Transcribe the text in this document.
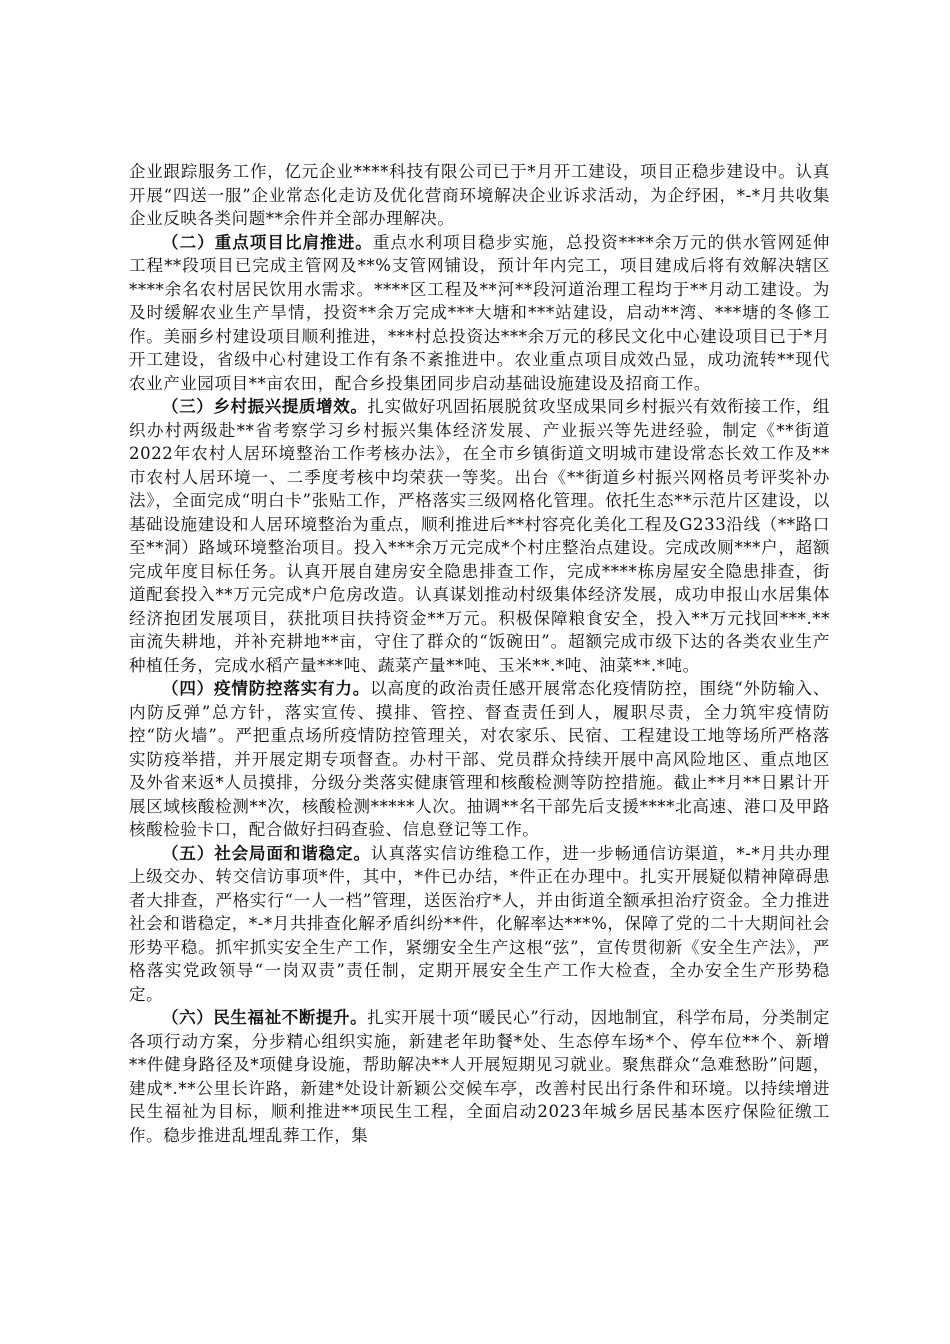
企业跟踪服务工作，亿元企业****科技有限公司已于*月开工建设，项目正稳步建设中。认真开展“四送一服”企业常态化走访及优化营商环境解决企业诉求活动，为企纾困，*-*月共收集企业反映各类问题**余件并全部办理解决。

（二）重点项目比肩推进。重点水利项目稳步实施，总投资****余万元的供水管网延伸工程**段项目已完成主管网及**%支管网铺设，预计年内完工，项目建成后将有效解决辖区****余名农村居民饮用水需求。****区工程及**河**段河道治理工程均于**月动工建设。为及时缓解农业生产旱情，投资**余万完成***大塘和***站建设，启动**湾、***塘的冬修工作。美丽乡村建设项目顺利推进，***村总投资达***余万元的移民文化中心建设项目已于*月开工建设，省级中心村建设工作有条不紊推进中。农业重点项目成效凸显，成功流转**现代农业产业园项目**亩农田，配合乡投集团同步启动基础设施建设及招商工作。

（三）乡村振兴提质增效。扎实做好巩固拓展脱贫攻坚成果同乡村振兴有效衔接工作，组织办村两级赴**省考察学习乡村振兴集体经济发展、产业振兴等先进经验，制定《**街道2022年农村人居环境整治工作考核办法》，在全市乡镇街道文明城市建设常态长效工作及**市农村人居环境一、二季度考核中均荣获一等奖。出台《**街道乡村振兴网格员考评奖补办法》，全面完成“明白卡”张贴工作，严格落实三级网格化管理。依托生态**示范片区建设，以基础设施建设和人居环境整治为重点，顺利推进后**村容亮化美化工程及G233沿线（**路口至**洞）路域环境整治项目。投入***余万元完成*个村庄整治点建设。完成改厕***户，超额完成年度目标任务。认真开展自建房安全隐患排查工作，完成****栋房屋安全隐患排查，街道配套投入**万元完成*户危房改造。认真谋划推动村级集体经济发展，成功申报山水居集体经济抱团发展项目，获批项目扶持资金**万元。积极保障粮食安全，投入**万元找回***.**亩流失耕地，并补充耕地**亩，守住了群众的“饭碗田”。超额完成市级下达的各类农业生产种植任务，完成水稻产量***吨、蔬菜产量**吨、玉米**.*吨、油菜**.*吨。

（四）疫情防控落实有力。以高度的政治责任感开展常态化疫情防控，围绕“外防输入、内防反弹”总方针，落实宣传、摸排、管控、督查责任到人，履职尽责，全力筑牢疫情防控“防火墙”。严把重点场所疫情防控管理关，对农家乐、民宿、工程建设工地等场所严格落实防疫举措，并开展定期专项督查。办村干部、党员群众持续开展中高风险地区、重点地区及外省来返*人员摸排，分级分类落实健康管理和核酸检测等防控措施。截止**月**日累计开展区域核酸检测**次，核酸检测*****人次。抽调**名干部先后支援****北高速、港口及甲路核酸检验卡口，配合做好扫码查验、信息登记等工作。

（五）社会局面和谐稳定。认真落实信访维稳工作，进一步畅通信访渠道，*-*月共办理上级交办、转交信访事项*件，其中，*件已办结，*件正在办理中。扎实开展疑似精神障碍患者大排查，严格实行“一人一档”管理，送医治疗*人，并由街道全额承担治疗资金。全力推进社会和谐稳定，*-*月共排查化解矛盾纠纷**件，化解率达***%，保障了党的二十大期间社会形势平稳。抓牢抓实安全生产工作，紧绷安全生产这根“弦”，宣传贯彻新《安全生产法》，严格落实党政领导“一岗双责”责任制，定期开展安全生产工作大检查，全办安全生产形势稳定。

（六）民生福祉不断提升。扎实开展十项“暖民心”行动，因地制宜，科学布局，分类制定各项行动方案，分步精心组织实施，新建老年助餐*处、生态停车场*个、停车位**个、新增**件健身路径及*项健身设施，帮助解决**人开展短期见习就业。聚焦群众“急难愁盼”问题，建成*.**公里长许路，新建*处设计新颖公交候车亭，改善村民出行条件和环境。以持续增进民生福祉为目标，顺利推进**项民生工程，全面启动2023年城乡居民基本医疗保险征缴工作。稳步推进乱埋乱葬工作，集
